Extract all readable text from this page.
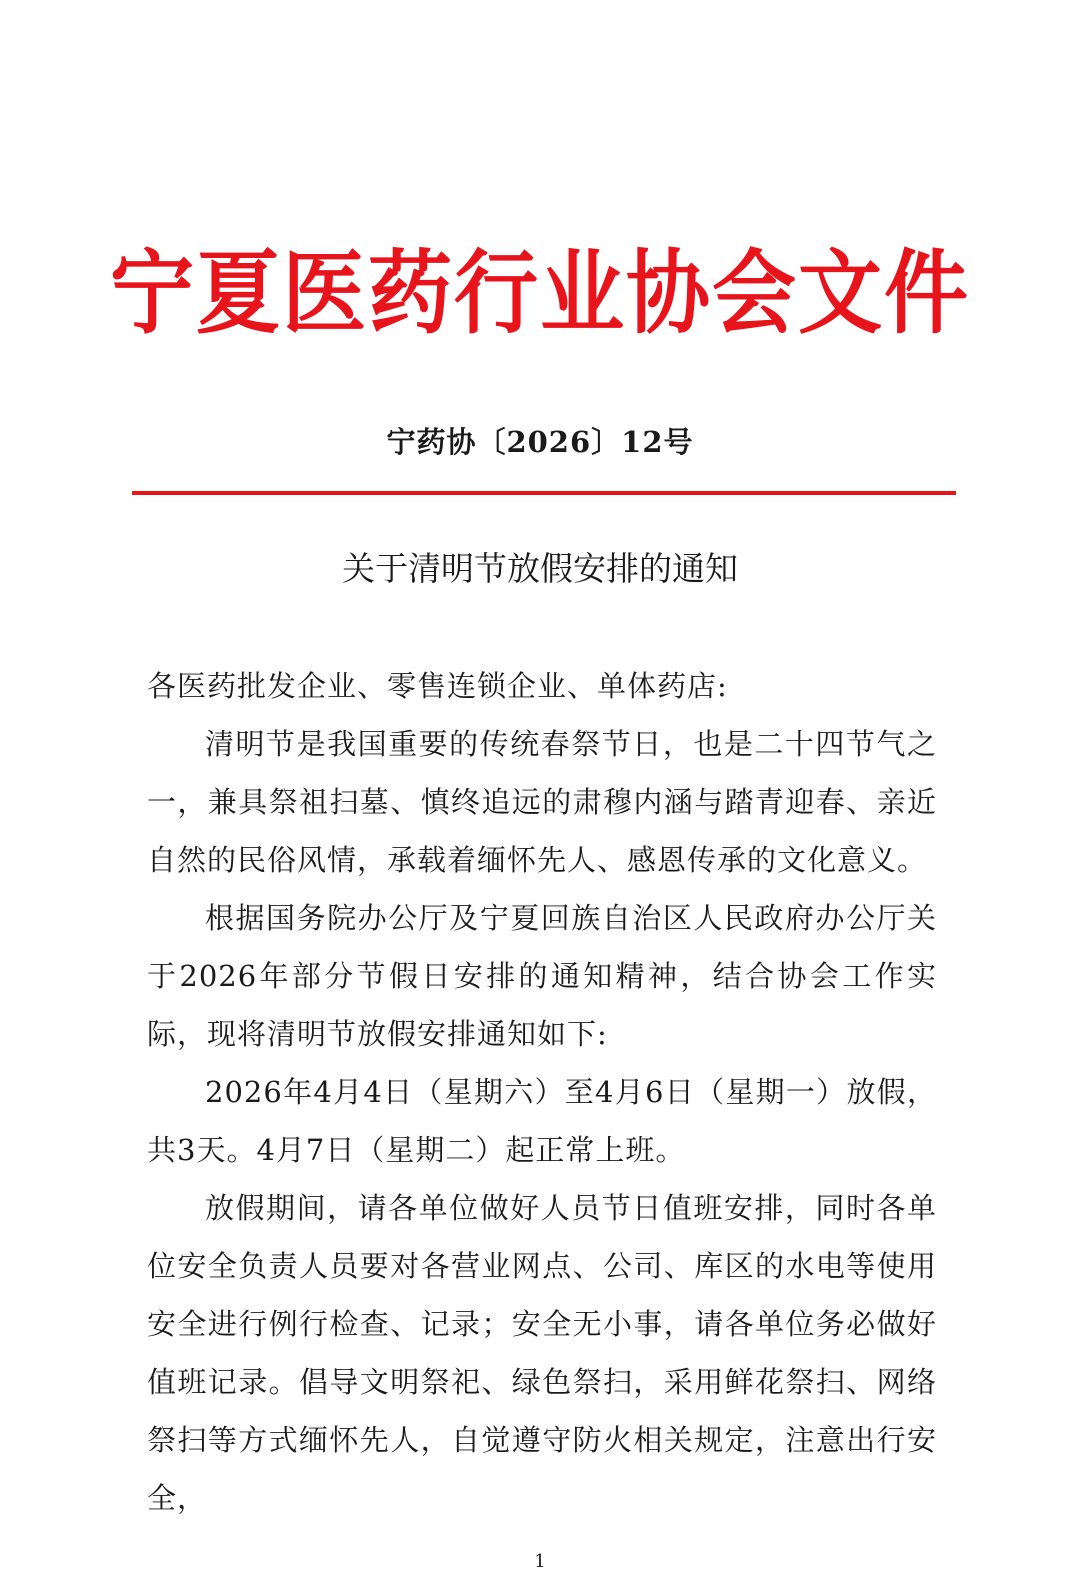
宁夏医药行业协会文件
宁药协〔2026〕12号
关于清明节放假安排的通知

各医药批发企业、零售连锁企业、单体药店:

清明节是我国重要的传统春祭节日，也是二十四节气之一，兼具祭祖扫墓、慎终追远的肃穆内涵与踏青迎春、亲近自然的民俗风情，承载着缅怀先人、感恩传承的文化意义。

根据国务院办公厅及宁夏回族自治区人民政府办公厅关于2026年部分节假日安排的通知精神，结合协会工作实际，现将清明节放假安排通知如下:

2026年4月4日（星期六）至4月6日（星期一）放假，共3天。4月7日（星期二）起正常上班。

放假期间，请各单位做好人员节日值班安排，同时各单位安全负责人员要对各营业网点、公司、库区的水电等使用安全进行例行检查、记录；安全无小事，请各单位务必做好值班记录。倡导文明祭祀、绿色祭扫，采用鲜花祭扫、网络祭扫等方式缅怀先人，自觉遵守防火相关规定，注意出行安全，

1
